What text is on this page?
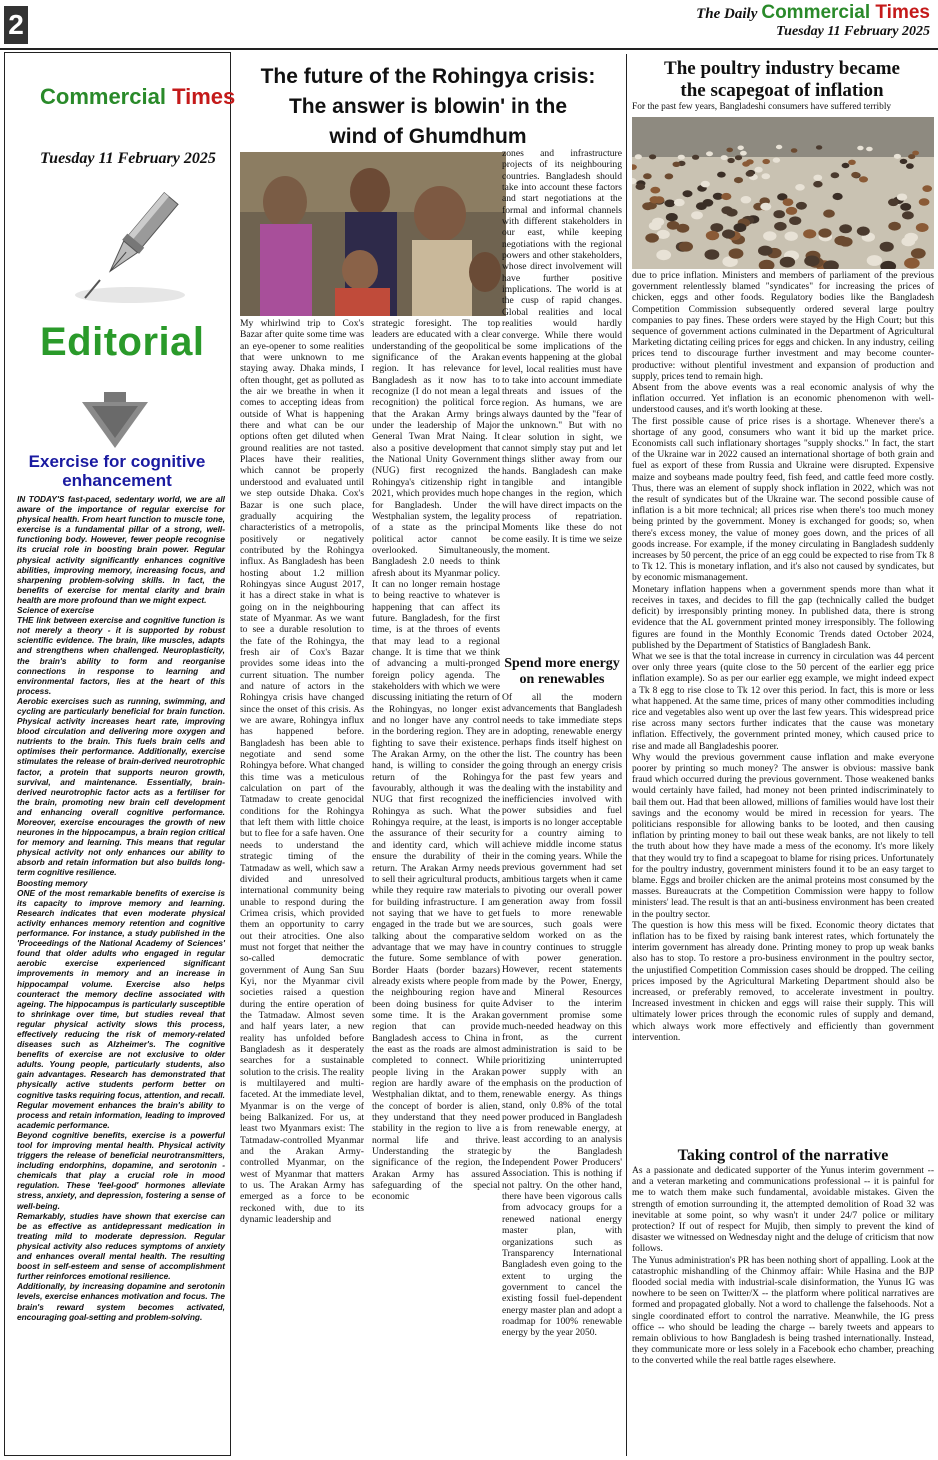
2	The Daily Commercial Times
Tuesday 11 February 2025
Commercial Times
Tuesday 11 February 2025
Editorial
Exercise for cognitive enhancement

IN TODAY'S fast-paced, sedentary world, we are all aware of the importance of regular exercise for physical health. From heart function to muscle tone, exercise is a fundamental pillar of a strong, well-functioning body. However, fewer people recognise its crucial role in boosting brain power. Regular physical activity significantly enhances cognitive abilities, improving memory, increasing focus, and sharpening problem-solving skills. In fact, the benefits of exercise for mental clarity and brain health are more profound than we might expect.

Science of exercise

THE link between exercise and cognitive function is not merely a theory - it is supported by robust scientific evidence. The brain, like muscles, adapts and strengthens when challenged. Neuroplasticity, the brain's ability to form and reorganise connections in response to learning and environmental factors, lies at the heart of this process.

Aerobic exercises such as running, swimming, and cycling are particularly beneficial for brain function. Physical activity increases heart rate, improving blood circulation and delivering more oxygen and nutrients to the brain. This fuels brain cells and optimises their performance. Additionally, exercise stimulates the release of brain-derived neurotrophic factor, a protein that supports neuron growth, survival, and maintenance. Essentially, brain-derived neurotrophic factor acts as a fertiliser for the brain, promoting new brain cell development and enhancing overall cognitive performance. Moreover, exercise encourages the growth of new neurones in the hippocampus, a brain region critical for memory and learning. This means that regular physical activity not only enhances our ability to absorb and retain information but also builds long-term cognitive resilience.

Boosting memory

ONE of the most remarkable benefits of exercise is its capacity to improve memory and learning. Research indicates that even moderate physical activity enhances memory retention and cognitive performance. For instance, a study published in the 'Proceedings of the National Academy of Sciences' found that older adults who engaged in regular aerobic exercise experienced significant improvements in memory and an increase in hippocampal volume. Exercise also helps counteract the memory decline associated with ageing. The hippocampus is particularly susceptible to shrinkage over time, but studies reveal that regular physical activity slows this process, effectively reducing the risk of memory-related diseases such as Alzheimer's. The cognitive benefits of exercise are not exclusive to older adults. Young people, particularly students, also gain advantages. Research has demonstrated that physically active students perform better on cognitive tasks requiring focus, attention, and recall. Regular movement enhances the brain's ability to process and retain information, leading to improved academic performance.

Beyond cognitive benefits, exercise is a powerful tool for improving mental health. Physical activity triggers the release of beneficial neurotransmitters, including endorphins, dopamine, and serotonin - chemicals that play a crucial role in mood regulation. These 'feel-good' hormones alleviate stress, anxiety, and depression, fostering a sense of well-being.

Remarkably, studies have shown that exercise can be as effective as antidepressant medication in treating mild to moderate depression. Regular physical activity also reduces symptoms of anxiety and enhances overall mental health. The resulting boost in self-esteem and sense of accomplishment further reinforces emotional resilience.

Additionally, by increasing dopamine and serotonin levels, exercise enhances motivation and focus. The brain's reward system becomes activated, encouraging goal-setting and problem-solving.

The future of the Rohingya crisis:
The answer is blowin' in the
wind of Ghumdhum

My whirlwind trip to Cox's Bazar after quite some time was an eye-opener to some realities that were unknown to me staying away. Dhaka minds, I often thought, get as polluted as the air we breathe in when it comes to accepting ideas from outside of What is happening there and what can be our options often get diluted when ground realities are not tasted. Places have their realities, which cannot be properly understood and evaluated until we step outside Dhaka. Cox's Bazar is one such place, gradually acquiring the characteristics of a metropolis, positively or negatively contributed by the Rohingya influx. As Bangladesh has been hosting about 1.2 million Rohingyas since August 2017, it has a direct stake in what is going on in the neighbouring state of Myanmar. As we want to see a durable resolution to the fate of the Rohingya, the fresh air of Cox's Bazar provides some ideas into the current situation. The number and nature of actors in the Rohingya crisis have changed since the onset of this crisis. As we are aware, Rohingya influx has happened before. Bangladesh has been able to negotiate and send some Rohingya before. What changed this time was a meticulous calculation on part of the Tatmadaw to create genocidal conditions for the Rohingya that left them with little choice but to flee for a safe haven. One needs to understand the strategic timing of the Tatmadaw as well, which saw a divided and unresolved international community being unable to respond during the Crimea crisis, which provided them an opportunity to carry out their atrocities. One also must not forget that neither the so-called democratic government of Aung San Suu Kyi, nor the Myanmar civil societies raised a question during the entire operation of the Tatmadaw. Almost seven and half years later, a new reality has unfolded before Bangladesh as it desperately searches for a sustainable solution to the crisis. The reality is multilayered and multi-faceted. At the immediate level, Myanmar is on the verge of being Balkanized. For us, at least two Myanmars exist: The Tatmadaw-controlled Myanmar and the Arakan Army-controlled Myanmar, on the west of Myanmar that matters to us. The Arakan Army has emerged as a force to be reckoned with, due to its dynamic leadership and

strategic foresight. The top leaders are educated with a clear understanding of the geopolitical significance of the Arakan region. It has relevance for Bangladesh as it now has to recognize (I do not mean a legal recognition) the political force that the Arakan Army brings under the leadership of Major General Twan Mrat Naing. It also a positive development that the National Unity Government (NUG) first recognized the Rohingya's citizenship right in 2021, which provides much hope for Bangladesh. Under the Westphalian system, the legality of a state as the principal political actor cannot be overlooked. Simultaneously, Bangladesh 2.0 needs to think afresh about its Myanmar policy. It can no longer remain hostage to being reactive to whatever is happening that can affect its future. Bangladesh, for the first time, is at the throes of events that may lead to a regional change. It is time that we think of advancing a multi-pronged foreign policy agenda. The stakeholders with which we were discussing initiating the return of the Rohingyas, no longer exist and no longer have any control in the bordering region. They are fighting to save their existence. The Arakan Army, on the other hand, is willing to consider the return of the Rohingya favourably, although it was the NUG that first recognized the Rohingya as such. What the Rohingya require, at the least, is the assurance of their security and identity card, which will ensure the durability of their return. The Arakan Army needs to sell their agricultural products, while they require raw materials for building infrastructure. I am not saying that we have to get engaged in the trade but we are talking about the comparative advantage that we may have in the future. Some semblance of Border Haats (border bazars) already exists where people from the neighbouring region have been doing business for quite some time. It is the Arakan region that can provide Bangladesh access to China in the east as the roads are almost completed to connect. While people living in the Arakan region are hardly aware of the Westphalian diktat, and to them, the concept of border is alien, they understand that they need stability in the region to live a normal life and thrive. Understanding the strategic significance of the region, the Arakan Army has assured safeguarding of the special economic

zones and infrastructure projects of its neighbouring countries. Bangladesh should take into account these factors and start negotiations at the formal and informal channels with different stakeholders in our east, while keeping negotiations with the regional powers and other stakeholders, whose direct involvement will have further positive implications. The world is at the cusp of rapid changes. Global realities and local realities would hardly converge. While there would be some implications of the events happening at the global level, local realities must have to take into account immediate threats and issues of the region. As humans, we are always daunted by the "fear of the unknown." But with no clear solution in sight, we cannot simply stay put and let things slither away from our hands. Bangladesh can make tangible and intangible changes in the region, which will have direct impacts on the process of repatriation. Moments like these do not come easily. It is time we seize the moment.

Spend more energy
on renewables

Of all the modern advancements that Bangladesh needs to take immediate steps in adopting, renewable energy perhaps finds itself highest on the list. The country has been going through an energy crisis for the past few years and dealing with the instability and inefficiencies involved with power subsidies and fuel imports is no longer acceptable for a country aiming to achieve middle income status in the coming years. While the previous government had set ambitious targets when it came to pivoting our overall power generation away from fossil fuels to more renewable sources, such goals were seldom worked on as the country continues to struggle with power generation. However, recent statements made by the Power, Energy, and Mineral Resources Adviser to the interim government promise some much-needed headway on this front, as the current administration is said to be prioritizing uninterrupted power supply with an emphasis on the production of renewable energy. As things stand, only 0.8% of the total power produced in Bangladesh is from renewable energy, at least according to an analysis by the Bangladesh Independent Power Producers' Association. This is nothing if not paltry. On the other hand, there have been vigorous calls from advocacy groups for a renewed national energy master plan, with organizations such as Transparency International Bangladesh even going to the extent to urging the government to cancel the existing fossil fuel-dependent energy master plan and adopt a roadmap for 100% renewable energy by the year 2050.

The poultry industry became
the scapegoat of inflation
For the past few years, Bangladeshi consumers have suffered terribly

due to price inflation. Ministers and members of parliament of the previous government relentlessly blamed "syndicates" for increasing the prices of chicken, eggs and other foods. Regulatory bodies like the Bangladesh Competition Commission subsequently ordered several large poultry companies to pay fines. These orders were stayed by the High Court; but this sequence of government actions culminated in the Department of Agricultural Marketing dictating ceiling prices for eggs and chicken. In any industry, ceiling prices tend to discourage further investment and may become counter-productive: without plentiful investment and expansion of production and supply, prices tend to remain high.

Absent from the above events was a real economic analysis of why the inflation occurred. Yet inflation is an economic phenomenon with well-understood causes, and it's worth looking at these.

The first possible cause of price rises is a shortage. Whenever there's a shortage of any good, consumers who want it bid up the market price. Economists call such inflationary shortages "supply shocks." In fact, the start of the Ukraine war in 2022 caused an international shortage of both grain and fuel as export of these from Russia and Ukraine were disrupted. Expensive maize and soybeans made poultry feed, fish feed, and cattle feed more costly. Thus, there was an element of supply shock inflation in 2022, which was not the result of syndicates but of the Ukraine war. The second possible cause of inflation is a bit more technical; all prices rise when there's too much money being printed by the government. Money is exchanged for goods; so, when there's excess money, the value of money goes down, and the prices of all goods increase. For example, if the money circulating in Bangladesh suddenly increases by 50 percent, the price of an egg could be expected to rise from Tk 8 to Tk 12. This is monetary inflation, and it's also not caused by syndicates, but by economic mismanagement.

Monetary inflation happens when a government spends more than what it receives in taxes, and decides to fill the gap (technically called the budget deficit) by irresponsibly printing money. In published data, there is strong evidence that the AL government printed money irresponsibly. The following figures are found in the Monthly Economic Trends dated October 2024, published by the Department of Statistics of Bangladesh Bank.

What we see is that the total increase in currency in circulation was 44 percent over only three years (quite close to the 50 percent of the earlier egg price inflation example). So as per our earlier egg example, we might indeed expect a Tk 8 egg to rise close to Tk 12 over this period. In fact, this is more or less what happened. At the same time, prices of many other commodities including rice and vegetables also went up over the last few years. This widespread price rise across many sectors further indicates that the cause was monetary inflation. Effectively, the government printed money, which caused price to rise and made all Bangladeshis poorer.

Why would the previous government cause inflation and make everyone poorer by printing so much money? The answer is obvious: massive bank fraud which occurred during the previous government. Those weakened banks would certainly have failed, had money not been printed indiscriminately to bail them out. Had that been allowed, millions of families would have lost their savings and the economy would be mired in recession for years. The politicians responsible for allowing banks to be looted, and then causing inflation by printing money to bail out these weak banks, are not likely to tell the truth about how they have made a mess of the economy. It's more likely that they would try to find a scapegoat to blame for rising prices. Unfortunately for the poultry industry, government ministers found it to be an easy target to blame. Eggs and broiler chicken are the animal proteins most consumed by the masses. Bureaucrats at the Competition Commission were happy to follow ministers' lead. The result is that an anti-business environment has been created in the poultry sector.

The question is how this mess will be fixed. Economic theory dictates that inflation has to be fixed by raising bank interest rates, which fortunately the interim government has already done. Printing money to prop up weak banks also has to stop. To restore a pro-business environment in the poultry sector, the unjustified Competition Commission cases should be dropped. The ceiling prices imposed by the Agricultural Marketing Department should also be increased, or preferably removed, to accelerate investment in poultry. Increased investment in chicken and eggs will raise their supply. This will ultimately lower prices through the economic rules of supply and demand, which always work more effectively and efficiently than government intervention.

Taking control of the narrative

As a passionate and dedicated supporter of the Yunus interim government -- and a veteran marketing and communications professional -- it is painful for me to watch them make such fundamental, avoidable mistakes. Given the strength of emotion surrounding it, the attempted demolition of Road 32 was inevitable at some point, so why wasn't it under 24/7 police or military protection? If out of respect for Mujib, then simply to prevent the kind of disaster we witnessed on Wednesday night and the deluge of criticism that now follows.

The Yunus administration's PR has been nothing short of appalling. Look at the catastrophic mishandling of the Chinmoy affair: While Hasina and the BJP flooded social media with industrial-scale disinformation, the Yunus IG was nowhere to be seen on Twitter/X -- the platform where political narratives are formed and propagated globally. Not a word to challenge the falsehoods. Not a single coordinated effort to control the narrative. Meanwhile, the IG press office -- who should be leading the charge -- barely tweets and appears to remain oblivious to how Bangladesh is being trashed internationally. Instead, they communicate more or less solely in a Facebook echo chamber, preaching to the converted while the real battle rages elsewhere.
